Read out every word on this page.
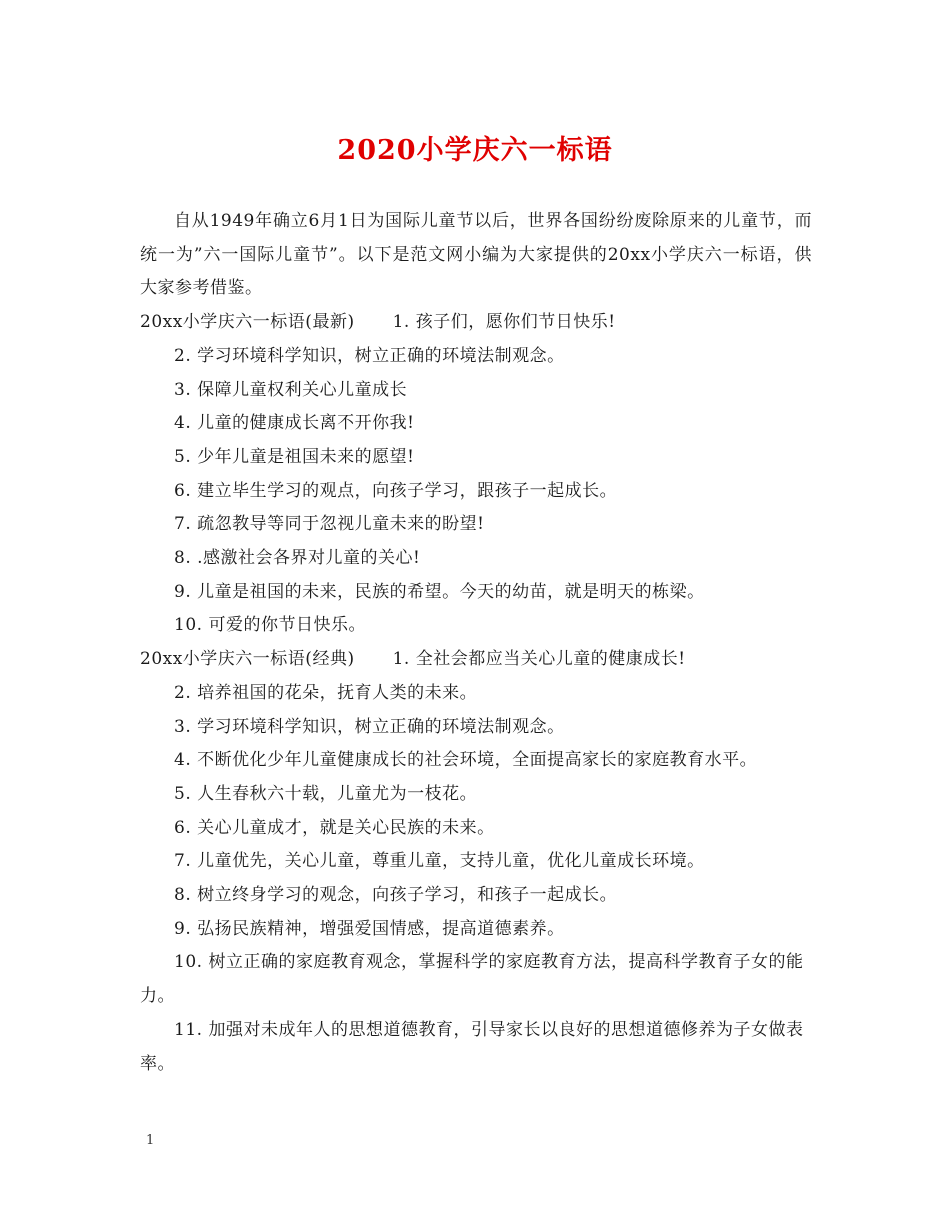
2020小学庆六一标语

自从1949年确立6月1日为国际儿童节以后，世界各国纷纷废除原来的儿童节，而统一为”六一国际儿童节”。以下是范文网小编为大家提供的20xx小学庆六一标语，供大家参考借鉴。

20xx小学庆六一标语(最新) 1. 孩子们，愿你们节日快乐!

2. 学习环境科学知识，树立正确的环境法制观念。

3. 保障儿童权利关心儿童成长

4. 儿童的健康成长离不开你我!

5. 少年儿童是祖国未来的愿望!

6. 建立毕生学习的观点，向孩子学习，跟孩子一起成长。

7. 疏忽教导等同于忽视儿童未来的盼望!

8. .感激社会各界对儿童的关心!

9. 儿童是祖国的未来，民族的希望。今天的幼苗，就是明天的栋梁。

10. 可爱的你节日快乐。

20xx小学庆六一标语(经典) 1. 全社会都应当关心儿童的健康成长!

2. 培养祖国的花朵，抚育人类的未来。

3. 学习环境科学知识，树立正确的环境法制观念。

4. 不断优化少年儿童健康成长的社会环境，全面提高家长的家庭教育水平。

5. 人生春秋六十载，儿童尤为一枝花。

6. 关心儿童成才，就是关心民族的未来。

7. 儿童优先，关心儿童，尊重儿童，支持儿童，优化儿童成长环境。

8. 树立终身学习的观念，向孩子学习，和孩子一起成长。

9. 弘扬民族精神，增强爱国情感，提高道德素养。

10. 树立正确的家庭教育观念，掌握科学的家庭教育方法，提高科学教育子女的能力。

11. 加强对未成年人的思想道德教育，引导家长以良好的思想道德修养为子女做表率。

1
